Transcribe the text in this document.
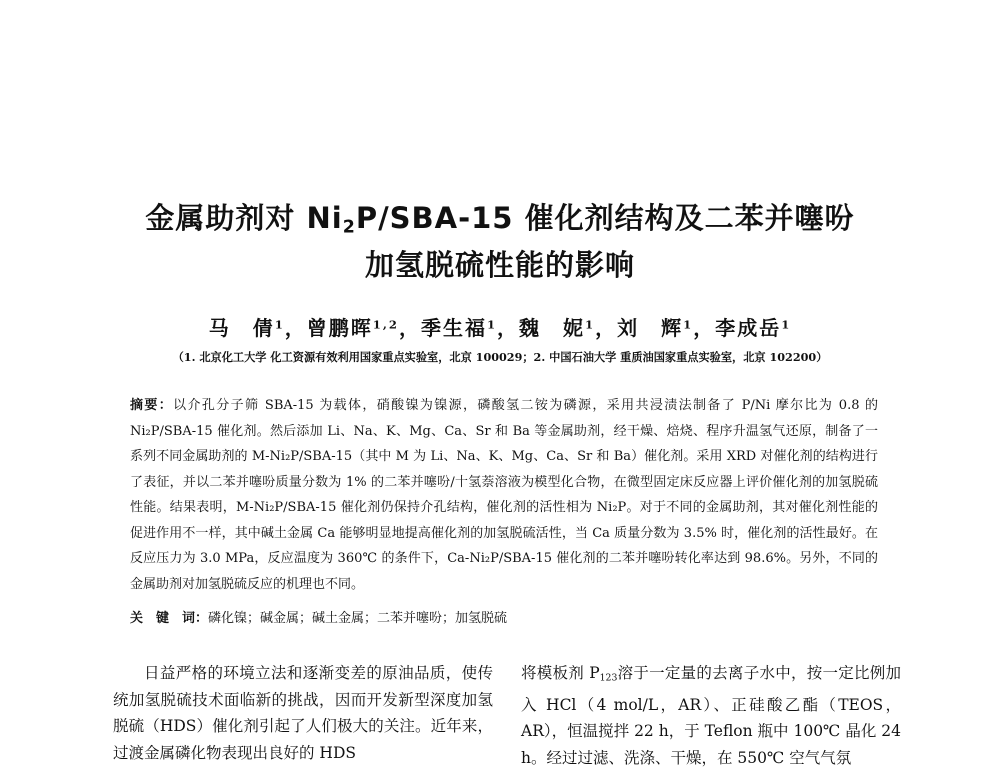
金属助剂对 $Ni_2P/SBA-15$ 催化剂结构及二苯并噻吩
加氢脱硫性能的影响
马　倩$^1$，曾鹏晖$^{1,2}$，季生福$^1$，魏　妮$^1$，刘　辉$^1$，李成岳$^1$
（1. 北京化工大学 化工资源有效利用国家重点实验室，北京 100029；2. 中国石油大学 重质油国家重点实验室，北京 102200）
摘要：以介孔分子筛 SBA-15 为载体，硝酸镍为镍源，磷酸氢二铵为磷源，采用共浸渍法制备了 P/Ni 摩尔比为 0.8 的 Ni₂P/SBA-15 催化剂。然后添加 Li、Na、K、Mg、Ca、Sr 和 Ba 等金属助剂，经干燥、焙烧、程序升温氢气还原，制备了一系列不同金属助剂的 M-Ni₂P/SBA-15（其中 M 为 Li、Na、K、Mg、Ca、Sr 和 Ba）催化剂。采用 XRD 对催化剂的结构进行了表征，并以二苯并噻吩质量分数为 1% 的二苯并噻吩/十氢萘溶液为模型化合物，在微型固定床反应器上评价催化剂的加氢脱硫性能。结果表明，M-Ni₂P/SBA-15 催化剂仍保持介孔结构，催化剂的活性相为 Ni₂P。对于不同的金属助剂，其对催化剂性能的促进作用不一样，其中碱土金属 Ca 能够明显地提高催化剂的加氢脱硫活性，当 Ca 质量分数为 3.5% 时，催化剂的活性最好。在反应压力为 3.0 MPa，反应温度为 360℃ 的条件下，Ca-Ni₂P/SBA-15 催化剂的二苯并噻吩转化率达到 98.6%。另外，不同的金属助剂对加氢脱硫反应的机理也不同。
关　键　词：磷化镍；碱金属；碱土金属；二苯并噻吩；加氢脱硫

日益严格的环境立法和逐渐变差的原油品质，使传统加氢脱硫技术面临新的挑战，因而开发新型深度加氢脱硫（HDS）催化剂引起了人们极大的关注。近年来，过渡金属磷化物表现出良好的 HDS

将模板剂 $P_{123}$溶于一定量的去离子水中，按一定比例加入 HCl（4 mol/L，AR）、正硅酸乙酯（TEOS，AR），恒温搅拌 22 h，于 Teflon 瓶中 100℃ 晶化 24 h。经过过滤、洗涤、干燥，在 550℃ 空气气氛
